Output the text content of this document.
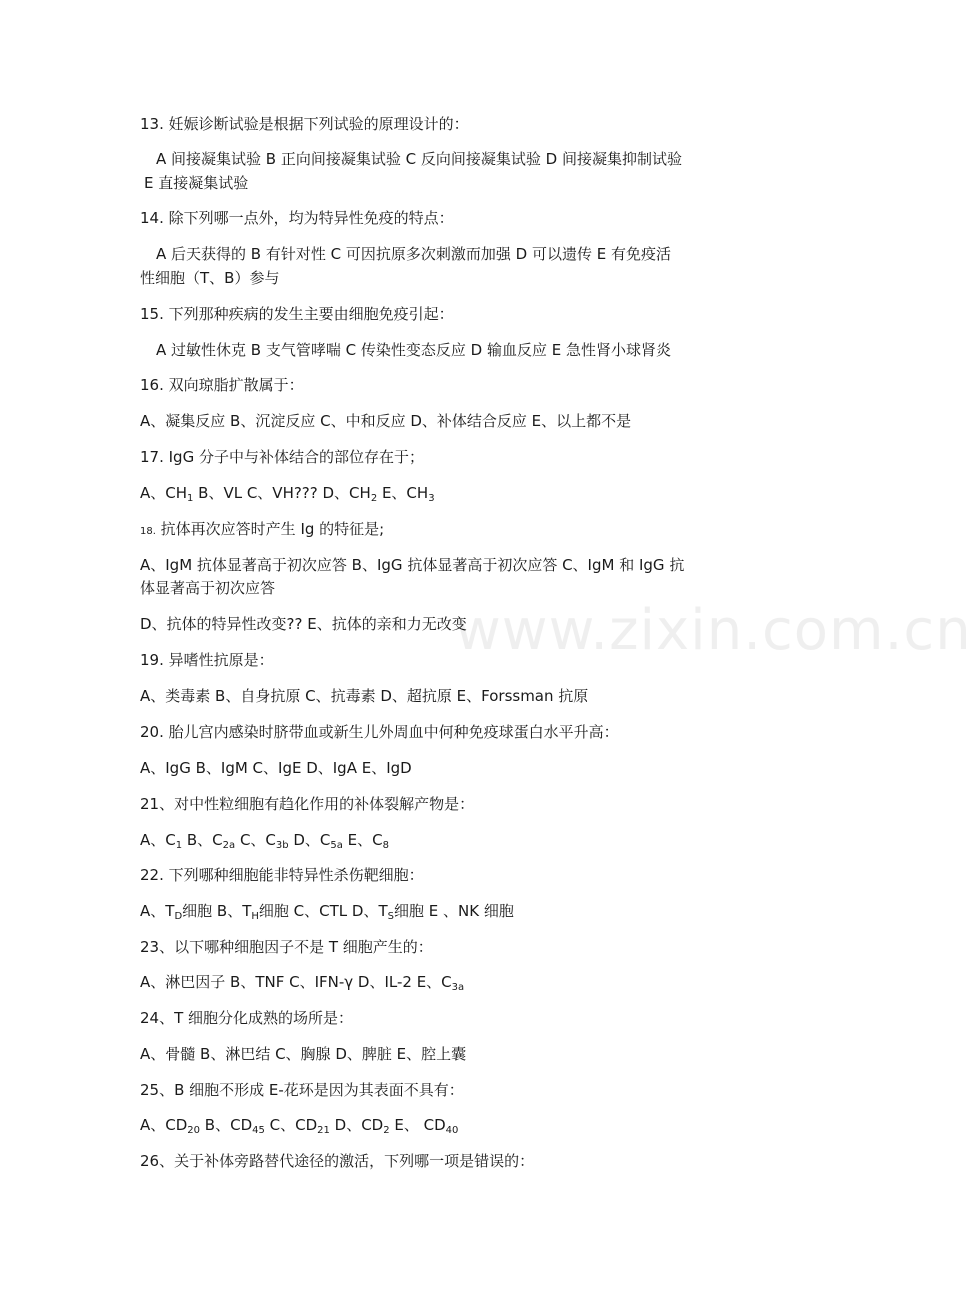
www.zixin.com.cn
13. 妊娠诊断试验是根据下列试验的原理设计的：
A 间接凝集试验 B 正向间接凝集试验 C 反向间接凝集试验 D 间接凝集抑制试验
E 直接凝集试验
14. 除下列哪一点外，均为特异性免疫的特点：
A 后天获得的 B 有针对性 C 可因抗原多次刺激而加强 D 可以遗传 E 有免疫活
性细胞（T、B）参与
15. 下列那种疾病的发生主要由细胞免疫引起：
A 过敏性休克 B 支气管哮喘 C 传染性变态反应 D 输血反应 E 急性肾小球肾炎
16. 双向琼脂扩散属于：
A、凝集反应 B、沉淀反应 C、中和反应 D、补体结合反应 E、以上都不是
17. IgG 分子中与补体结合的部位存在于；
A、$CH_1$ B、VL C、VH??? D、$CH_2$ E、$CH_3$
18. 抗体再次应答时产生 Ig 的特征是;
A、IgM 抗体显著高于初次应答 B、IgG 抗体显著高于初次应答 C、IgM 和 IgG 抗
体显著高于初次应答
D、抗体的特异性改变?? E、抗体的亲和力无改变
19. 异嗜性抗原是：
A、类毒素 B、自身抗原 C、抗毒素 D、超抗原 E、Forssman 抗原
20. 胎儿宫内感染时脐带血或新生儿外周血中何种免疫球蛋白水平升高：
A、IgG B、IgM C、IgE D、IgA E、IgD
21、对中性粒细胞有趋化作用的补体裂解产物是：
A、$C_1$ B、$C_{2a}$ C、$C_{3b}$ D、$C_{5a}$ E、$C_8$
22. 下列哪种细胞能非特异性杀伤靶细胞：
A、$T_D$细胞 B、$T_H$细胞 C、CTL D、$T_S$细胞 E 、NK 细胞
23、以下哪种细胞因子不是 T 细胞产生的：
A、淋巴因子 B、TNF C、IFN-γ D、IL-2 E、$C_{3a}$
24、T 细胞分化成熟的场所是：
A、骨髓 B、淋巴结 C、胸腺 D、脾脏 E、腔上囊
25、B 细胞不形成 E-花环是因为其表面不具有：
A、$CD_{20}$ B、$CD_{45}$ C、$CD_{21}$ D、$CD_2$ E、 $CD_{40}$
26、关于补体旁路替代途径的激活，下列哪一项是错误的：
